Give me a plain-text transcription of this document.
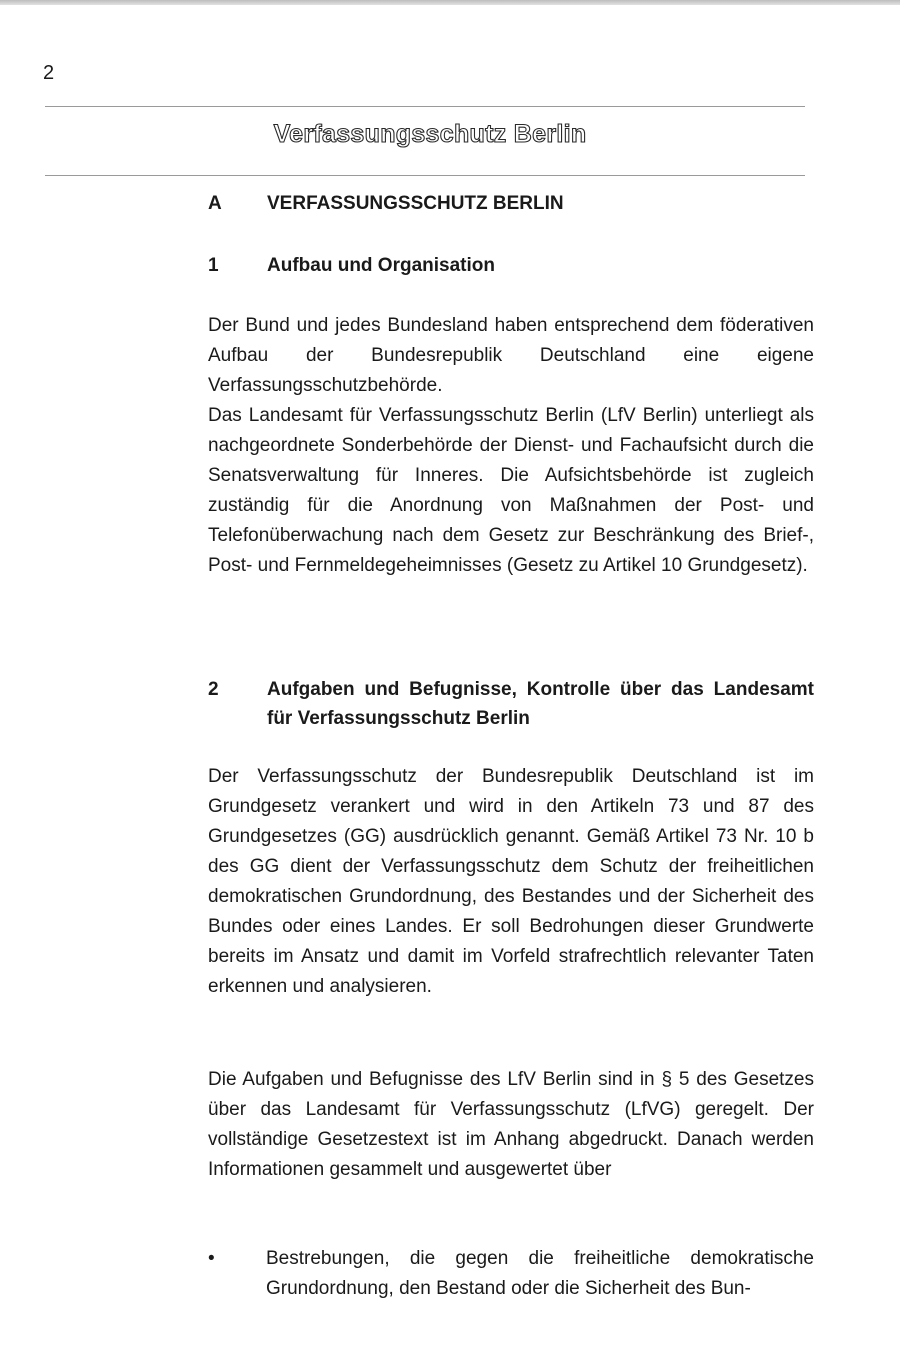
2
Verfassungsschutz Berlin
A VERFASSUNGSSCHUTZ BERLIN
1	Aufbau und Organisation

Der Bund und jedes Bundesland haben entsprechend dem föderativen Aufbau der Bundesrepublik Deutschland eine eigene Verfassungsschutzbehörde.

Das Landesamt für Verfassungsschutz Berlin (LfV Berlin) unterliegt als nachgeordnete Sonderbehörde der Dienst- und Fachaufsicht durch die Senatsverwaltung für Inneres. Die Aufsichtsbehörde ist zugleich zuständig für die Anordnung von Maßnahmen der Post- und Telefonüberwachung nach dem Gesetz zur Beschränkung des Brief-, Post- und Fernmeldegeheimnisses (Gesetz zu Artikel 10 Grundgesetz).

2	Aufgaben und Befugnisse, Kontrolle über das Landesamt für Verfassungsschutz Berlin

Der Verfassungsschutz der Bundesrepublik Deutschland ist im Grundgesetz verankert und wird in den Artikeln 73 und 87 des Grundgesetzes (GG) ausdrücklich genannt. Gemäß Artikel 73 Nr. 10 b des GG dient der Verfassungsschutz dem Schutz der freiheitlichen demokratischen Grundordnung, des Bestandes und der Sicherheit des Bundes oder eines Landes. Er soll Bedrohungen dieser Grundwerte bereits im Ansatz und damit im Vorfeld strafrechtlich relevanter Taten erkennen und analysieren.

Die Aufgaben und Befugnisse des LfV Berlin sind in § 5 des Gesetzes über das Landesamt für Verfassungsschutz (LfVG) geregelt. Der vollständige Gesetzestext ist im Anhang abgedruckt. Danach werden Informationen gesammelt und ausgewertet über

•	Bestrebungen, die gegen die freiheitliche demokratische Grundordnung, den Bestand oder die Sicherheit des Bun-
